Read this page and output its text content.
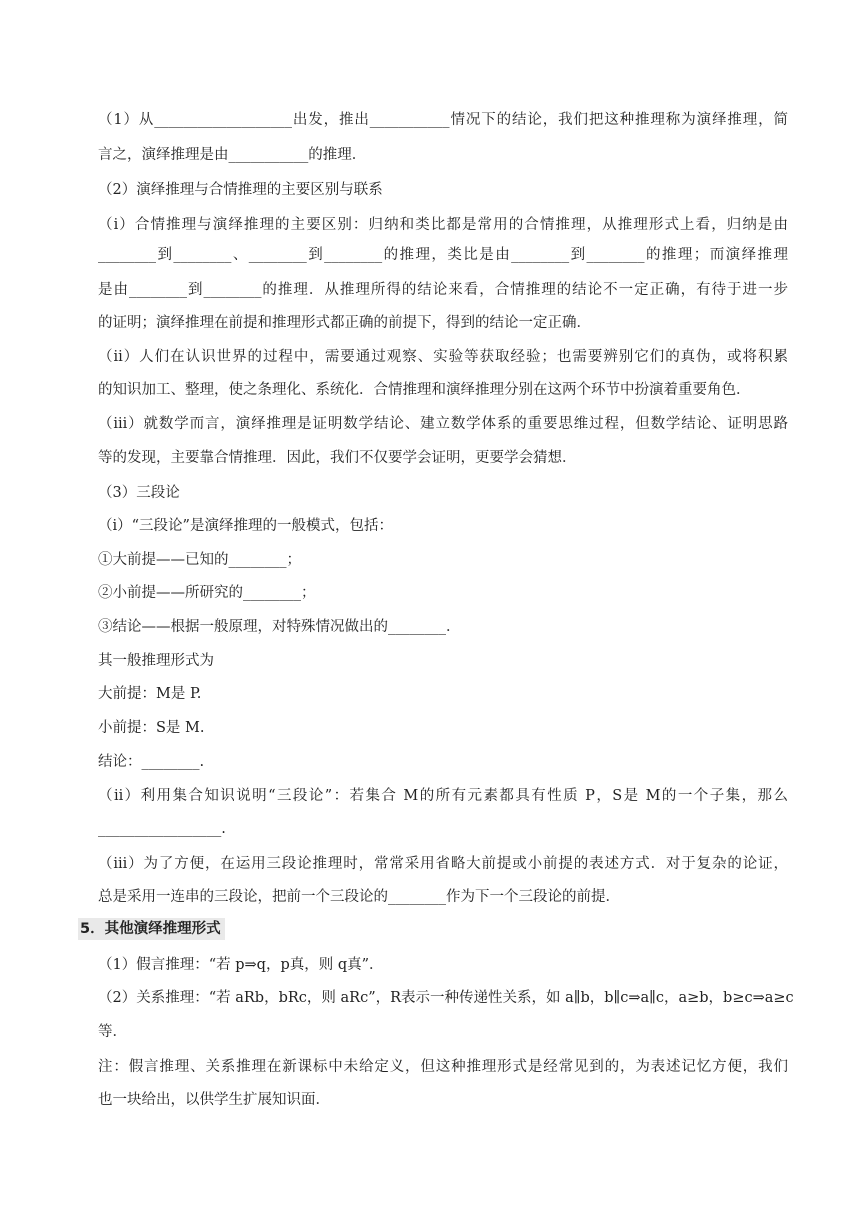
（1）从___________________出发，推出___________情况下的结论，我们把这种推理称为演绎推理，简
言之，演绎推理是由___________的推理．
（2）演绎推理与合情推理的主要区别与联系
（i）合情推理与演绎推理的主要区别：归纳和类比都是常用的合情推理，从推理形式上看，归纳是由
________到________、________到________的推理，类比是由________到________的推理；而演绎推理
是由________到________的推理．从推理所得的结论来看，合情推理的结论不一定正确，有待于进一步
的证明；演绎推理在前提和推理形式都正确的前提下，得到的结论一定正确．
（ii）人们在认识世界的过程中，需要通过观察、实验等获取经验；也需要辨别它们的真伪，或将积累
的知识加工、整理，使之条理化、系统化．合情推理和演绎推理分别在这两个环节中扮演着重要角色．
（iii）就数学而言，演绎推理是证明数学结论、建立数学体系的重要思维过程，但数学结论、证明思路
等的发现，主要靠合情推理．因此，我们不仅要学会证明，更要学会猜想．
（3）三段论
（i）“三段论”是演绎推理的一般模式，包括：
①大前提——已知的________；
②小前提——所研究的________；
③结论——根据一般原理，对特殊情况做出的________．
其一般推理形式为
大前提：M是 P.
小前提：S是 M.
结论：________.
（ii）利用集合知识说明“三段论”：若集合 M的所有元素都具有性质 P，S是 M的一个子集，那么
_________________.
（iii）为了方便，在运用三段论推理时，常常采用省略大前提或小前提的表述方式．对于复杂的论证，
总是采用一连串的三段论，把前一个三段论的________作为下一个三段论的前提．
5．其他演绎推理形式
（1）假言推理：“若 p⇒q，p真，则 q真”．
（2）关系推理：“若 aRb，bRc，则 aRc”，R表示一种传递性关系，如 a∥b，b∥c⇒a∥c，a≥b，b≥c⇒a≥c
等．
注：假言推理、关系推理在新课标中未给定义，但这种推理形式是经常见到的，为表述记忆方便，我们
也一块给出，以供学生扩展知识面．
